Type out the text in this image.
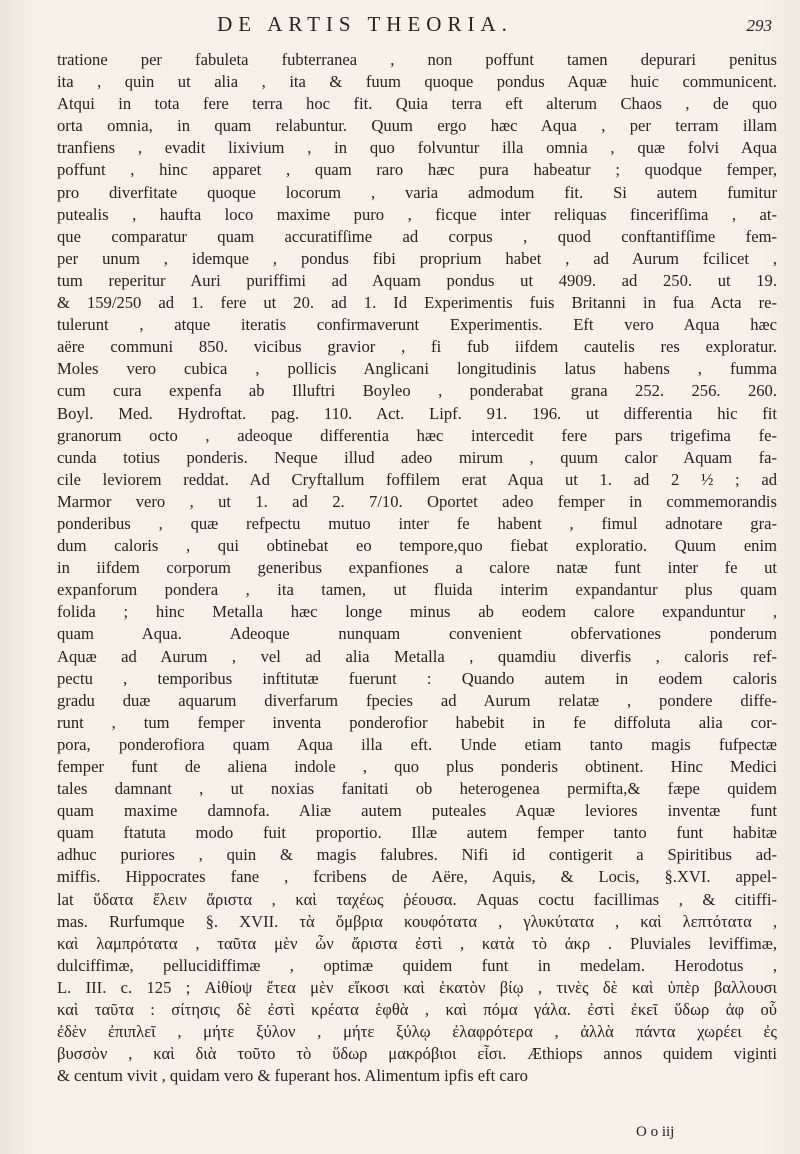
DE ARTIS THEORIA.	293
tratione per fabuleta fubterranea , non poffunt tamen depurari penitus
ita , quin ut alia , ita & fuum quoque pondus Aquæ huic communicent.
Atqui in tota fere terra hoc fit. Quia terra eft alterum Chaos , de quo
orta omnia, in quam relabuntur. Quum ergo hæc Aqua , per terram illam
tranfiens , evadit lixivium , in quo folvuntur illa omnia , quæ folvi Aqua
poffunt , hinc apparet , quam raro hæc pura habeatur ; quodque femper,
pro diverfitate quoque locorum , varia admodum fit. Si autem fumitur
putealis , haufta loco maxime puro , ficque inter reliquas fincerifſima , at-
que comparatur quam accuratifſime ad corpus , quod conftantifſime fem-
per unum , idemque , pondus fibi proprium habet , ad Aurum fcilicet ,
tum reperitur Auri puriffimi ad Aquam pondus ut 4909. ad 250. ut 19.
& 159/250 ad 1. fere ut 20. ad 1. Id Experimentis fuis Britanni in fua Acta re-
tulerunt , atque iteratis confirmaverunt Experimentis. Eft vero Aqua hæc
aëre communi 850. vicibus gravior , fi fub iifdem cautelis res exploratur.
Moles vero cubica , pollicis Anglicani longitudinis latus habens , fumma
cum cura expenfa ab Illuftri Boyleo , ponderabat grana 252. 256. 260.
Boyl. Med. Hydroftat. pag. 110. Act. Lipf. 91. 196. ut differentia hic fit
granorum octo , adeoque differentia hæc intercedit fere pars trigefima fe-
cunda totius ponderis. Neque illud adeo mirum , quum calor Aquam fa-
cile leviorem reddat. Ad Cryftallum foffilem erat Aqua ut 1. ad 2 ½ ; ad
Marmor vero , ut 1. ad 2. 7/10. Oportet adeo femper in commemorandis
ponderibus , quæ refpectu mutuo inter fe habent , fimul adnotare gra-
dum caloris , qui obtinebat eo tempore,quo fiebat exploratio. Quum enim
in iifdem corporum generibus expanfiones a calore natæ funt inter fe ut
expanforum pondera , ita tamen, ut fluida interim expandantur plus quam
folida ; hinc Metalla hæc longe minus ab eodem calore expanduntur ,
quam Aqua. Adeoque nunquam convenient obfervationes ponderum
Aquæ ad Aurum , vel ad alia Metalla , quamdiu diverfis , caloris ref-
pectu , temporibus inftitutæ fuerunt : Quando autem in eodem caloris
gradu duæ aquarum diverfarum fpecies ad Aurum relatæ , pondere diffe-
runt , tum femper inventa ponderofior habebit in fe diffoluta alia cor-
pora, ponderofiora quam Aqua illa eft. Unde etiam tanto magis fufpectæ
femper funt de aliena indole , quo plus ponderis obtinent. Hinc Medici
tales damnant , ut noxias fanitati ob heterogenea permifta,& fæpe quidem
quam maxime damnofa. Aliæ autem puteales Aquæ leviores inventæ funt
quam ftatuta modo fuit proportio. Illæ autem femper tanto funt habitæ
adhuc puriores , quin & magis falubres. Nifi id contigerit a Spiritibus ad-
miffis. Hippocrates fane , fcribens de Aëre, Aquis, & Locis, §.XVI. appel-
lat ὕδατα ἔλειν ἄριστα , καὶ ταχέως ῥέουσα. Aquas coctu facillimas , & citiffi-
mas. Rurfumque §. XVII. τὰ ὄμβρια κουφότατα , γλυκύτατα , καὶ λεπτότατα ,
καὶ λαμπρότατα , ταῦτα μὲν ὦν ἄριστα ἐστὶ , κατὰ τὸ ἀκρ . Pluviales leviffimæ,
dulciffimæ, pellucidiffimæ , optimæ quidem funt in medelam. Herodotus ,
L. III. c. 125 ; Αἰθίοψ ἔτεα μὲν εἴκοσι καὶ ἑκατὸν βίῳ , τινὲς δὲ καὶ ὑπὲρ βαλλουσι
καὶ ταῦτα : σίτησις δὲ ἐστὶ κρέατα ἑφθὰ , καὶ πόμα γάλα. ἐστὶ ἐκεῖ ὕδωρ ἀφ οὗ
ἐδὲν ἐπιπλεῖ , μήτε ξύλον , μήτε ξύλῳ ἐλαφρότερα , ἀλλὰ πάντα χωρέει ἐς
βυσσὸν , καὶ διὰ τοῦτο τὸ ὕδωρ μακρόβιοι εἶσι. Æthiops annos quidem viginti
& centum vivit , quidam vero & fuperant hos. Alimentum ipfis eft caro
O o iij
